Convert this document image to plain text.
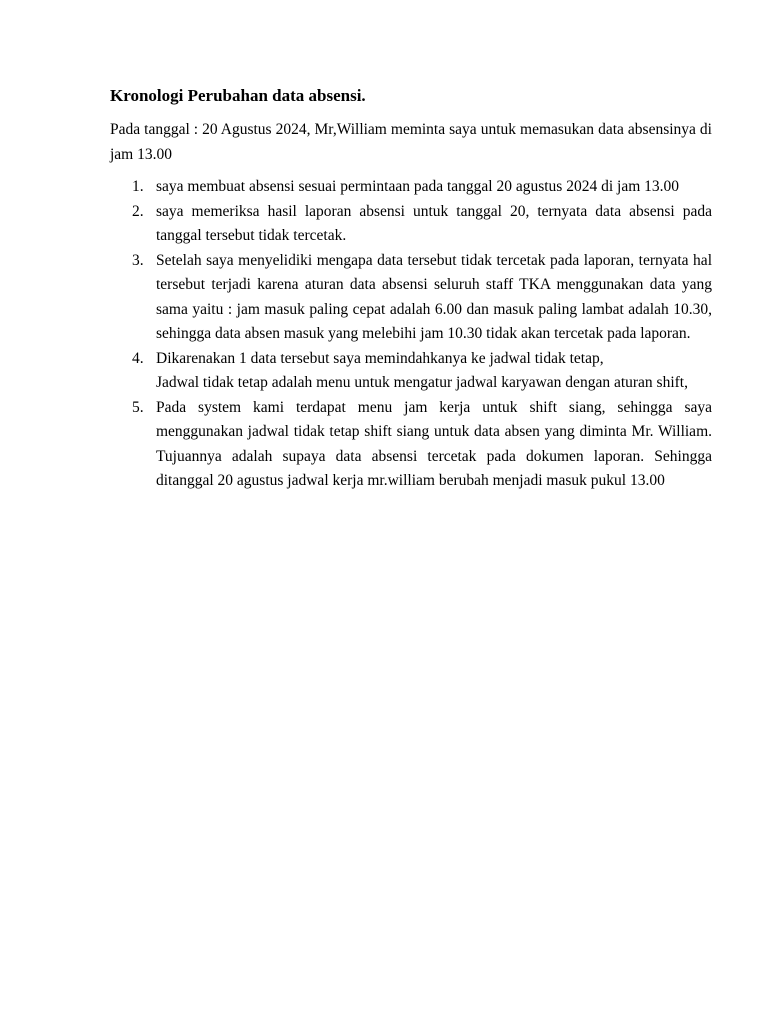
Kronologi Perubahan data absensi.
Pada tanggal : 20 Agustus 2024, Mr,William meminta saya untuk memasukan data absensinya di jam 13.00
1. saya membuat absensi sesuai permintaan pada tanggal 20 agustus 2024 di jam 13.00
2. saya memeriksa hasil laporan absensi untuk tanggal 20, ternyata data absensi pada tanggal tersebut tidak tercetak.
3. Setelah saya menyelidiki mengapa data tersebut tidak tercetak pada laporan, ternyata hal tersebut terjadi karena aturan data absensi seluruh staff TKA menggunakan data yang sama yaitu : jam masuk paling cepat adalah 6.00 dan masuk paling lambat adalah 10.30, sehingga data absen masuk yang melebihi jam 10.30 tidak akan tercetak pada laporan.
4. Dikarenakan 1 data tersebut saya memindahkanya ke jadwal tidak tetap,
Jadwal tidak tetap adalah menu untuk mengatur jadwal karyawan dengan aturan shift,
5. Pada system kami terdapat menu jam kerja untuk shift siang, sehingga saya menggunakan jadwal tidak tetap shift siang untuk data absen yang diminta Mr. William. Tujuannya adalah supaya data absensi tercetak pada dokumen laporan. Sehingga ditanggal 20 agustus jadwal kerja mr.william berubah menjadi masuk pukul 13.00
